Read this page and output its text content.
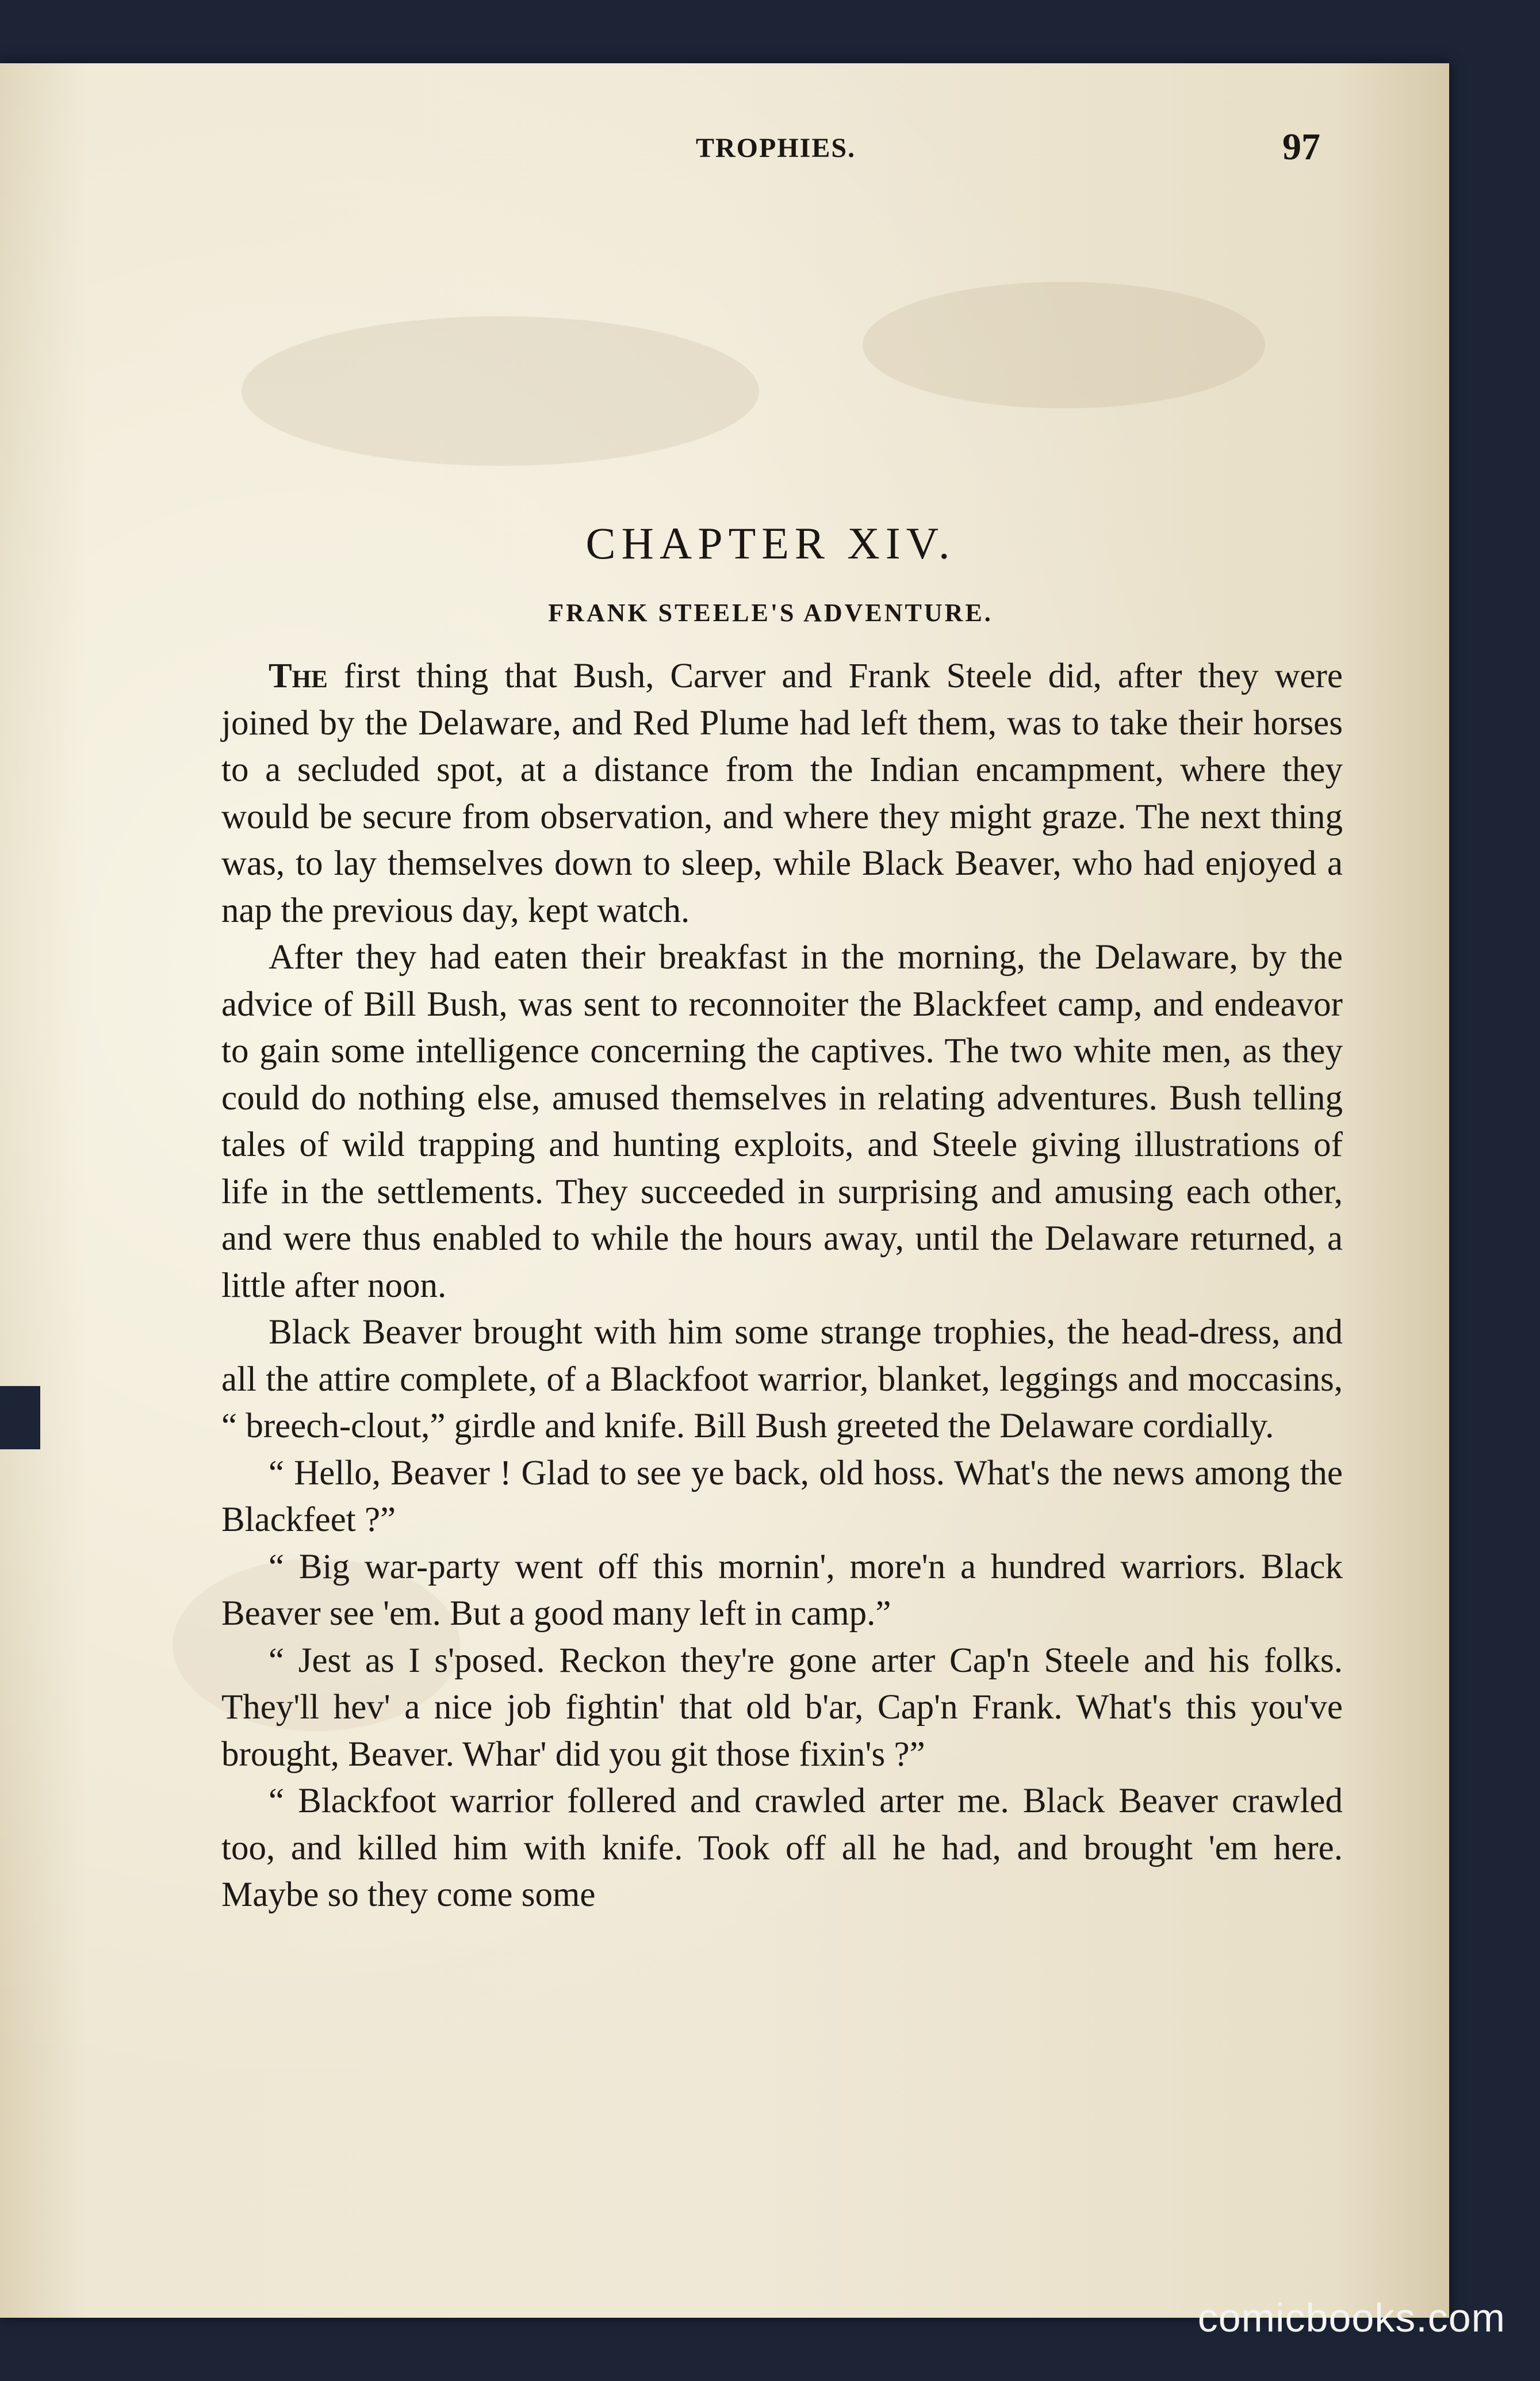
TROPHIES.	97
CHAPTER XIV.
FRANK STEELE'S ADVENTURE.

The first thing that Bush, Carver and Frank Steele did, after they were joined by the Delaware, and Red Plume had left them, was to take their horses to a secluded spot, at a distance from the Indian encampment, where they would be secure from observation, and where they might graze. The next thing was, to lay themselves down to sleep, while Black Beaver, who had enjoyed a nap the previous day, kept watch.

After they had eaten their breakfast in the morning, the Delaware, by the advice of Bill Bush, was sent to reconnoiter the Blackfeet camp, and endeavor to gain some intelligence concerning the captives. The two white men, as they could do nothing else, amused themselves in relating adventures. Bush telling tales of wild trapping and hunting exploits, and Steele giving illustrations of life in the settlements. They succeeded in surprising and amusing each other, and were thus enabled to while the hours away, until the Delaware returned, a little after noon.

Black Beaver brought with him some strange trophies, the head-dress, and all the attire complete, of a Blackfoot warrior, blanket, leggings and moccasins, “ breech-clout,” girdle and knife. Bill Bush greeted the Delaware cordially.

“ Hello, Beaver ! Glad to see ye back, old hoss. What's the news among the Blackfeet ?”

“ Big war-party went off this mornin', more'n a hundred warriors. Black Beaver see 'em. But a good many left in camp.”

“ Jest as I s'posed. Reckon they're gone arter Cap'n Steele and his folks. They'll hev' a nice job fightin' that old b'ar, Cap'n Frank. What's this you've brought, Beaver. Whar' did you git those fixin's ?”

“ Blackfoot warrior follered and crawled arter me. Black Beaver crawled too, and killed him with knife. Took off all he had, and brought 'em here. Maybe so they come some

comicbooks.com
